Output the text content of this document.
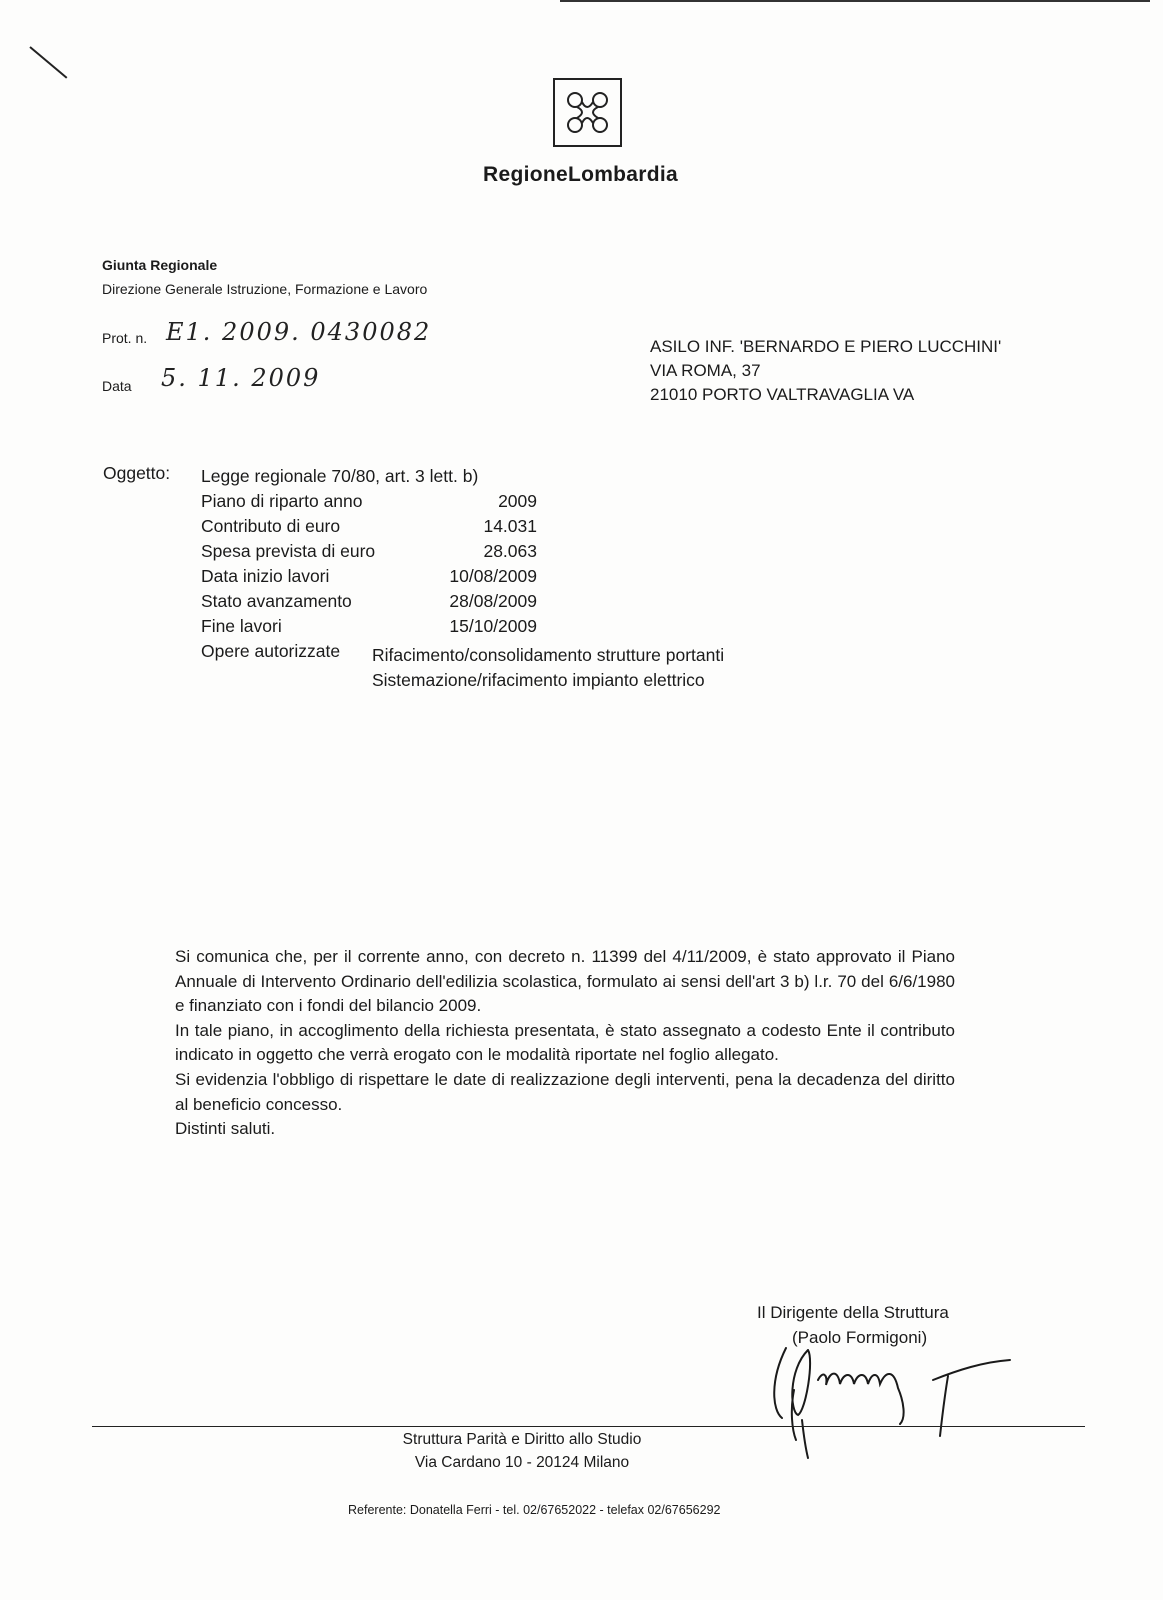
RegioneLombardia
Giunta Regionale
Direzione Generale Istruzione, Formazione e Lavoro
Prot. n. E1. 2009. 0430082
Data 5. 11. 2009
ASILO INF. 'BERNARDO E PIERO LUCCHINI'
VIA ROMA, 37
21010 PORTO VALTRAVAGLIA VA
Oggetto: Legge regionale 70/80, art. 3 lett. b)
Piano di riparto anno	2009
Contributo di euro	14.031
Spesa prevista di euro	28.063
Data inizio lavori	10/08/2009
Stato avanzamento	28/08/2009
Fine lavori	15/10/2009
Opere autorizzate Rifacimento/consolidamento strutture portanti
Sistemazione/rifacimento impianto elettrico

Si comunica che, per il corrente anno, con decreto n. 11399 del 4/11/2009, è stato approvato il Piano Annuale di Intervento Ordinario dell'edilizia scolastica, formulato ai sensi dell'art 3 b) l.r. 70 del 6/6/1980 e finanziato con i fondi del bilancio 2009.

In tale piano, in accoglimento della richiesta presentata, è stato assegnato a codesto Ente il contributo indicato in oggetto che verrà erogato con le modalità riportate nel foglio allegato.

Si evidenzia l'obbligo di rispettare le date di realizzazione degli interventi, pena la decadenza del diritto al beneficio concesso.

Distinti saluti.

Il Dirigente della Struttura
(Paolo Formigoni)
Struttura Parità e Diritto allo Studio
Via Cardano 10 - 20124 Milano
Referente: Donatella Ferri - tel. 02/67652022 - telefax 02/67656292
